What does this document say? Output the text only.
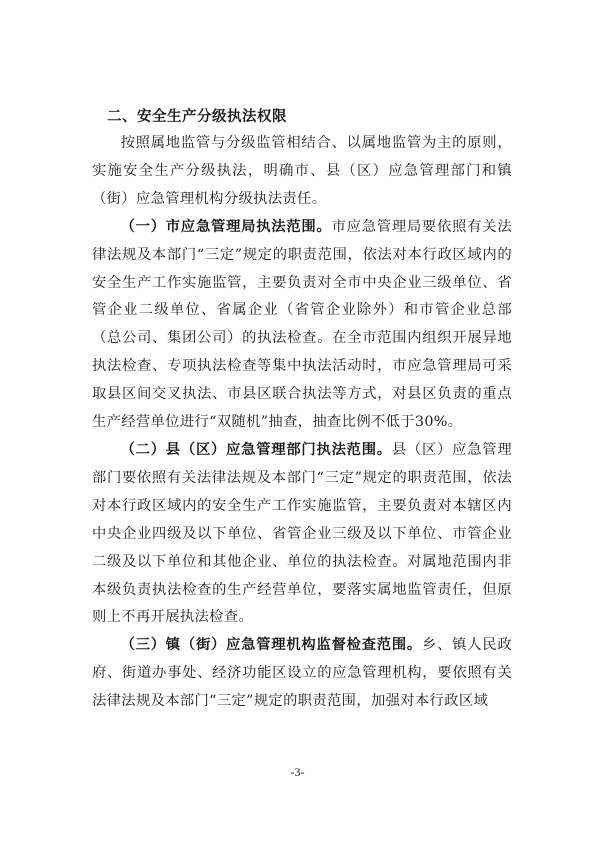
二、安全生产分级执法权限

按照属地监管与分级监管相结合、以属地监管为主的原则，实施安全生产分级执法，明确市、县（区）应急管理部门和镇（街）应急管理机构分级执法责任。

（一）市应急管理局执法范围。市应急管理局要依照有关法律法规及本部门“三定”规定的职责范围，依法对本行政区域内的安全生产工作实施监管，主要负责对全市中央企业三级单位、省管企业二级单位、省属企业（省管企业除外）和市管企业总部（总公司、集团公司）的执法检查。在全市范围内组织开展异地执法检查、专项执法检查等集中执法活动时，市应急管理局可采取县区间交叉执法、市县区联合执法等方式，对县区负责的重点生产经营单位进行“双随机”抽查，抽查比例不低于30%。

（二）县（区）应急管理部门执法范围。县（区）应急管理部门要依照有关法律法规及本部门“三定”规定的职责范围，依法对本行政区域内的安全生产工作实施监管，主要负责对本辖区内中央企业四级及以下单位、省管企业三级及以下单位、市管企业二级及以下单位和其他企业、单位的执法检查。对属地范围内非本级负责执法检查的生产经营单位，要落实属地监管责任，但原则上不再开展执法检查。

（三）镇（街）应急管理机构监督检查范围。乡、镇人民政府、街道办事处、经济功能区设立的应急管理机构，要依照有关法律法规及本部门“三定”规定的职责范围，加强对本行政区域

-3-
